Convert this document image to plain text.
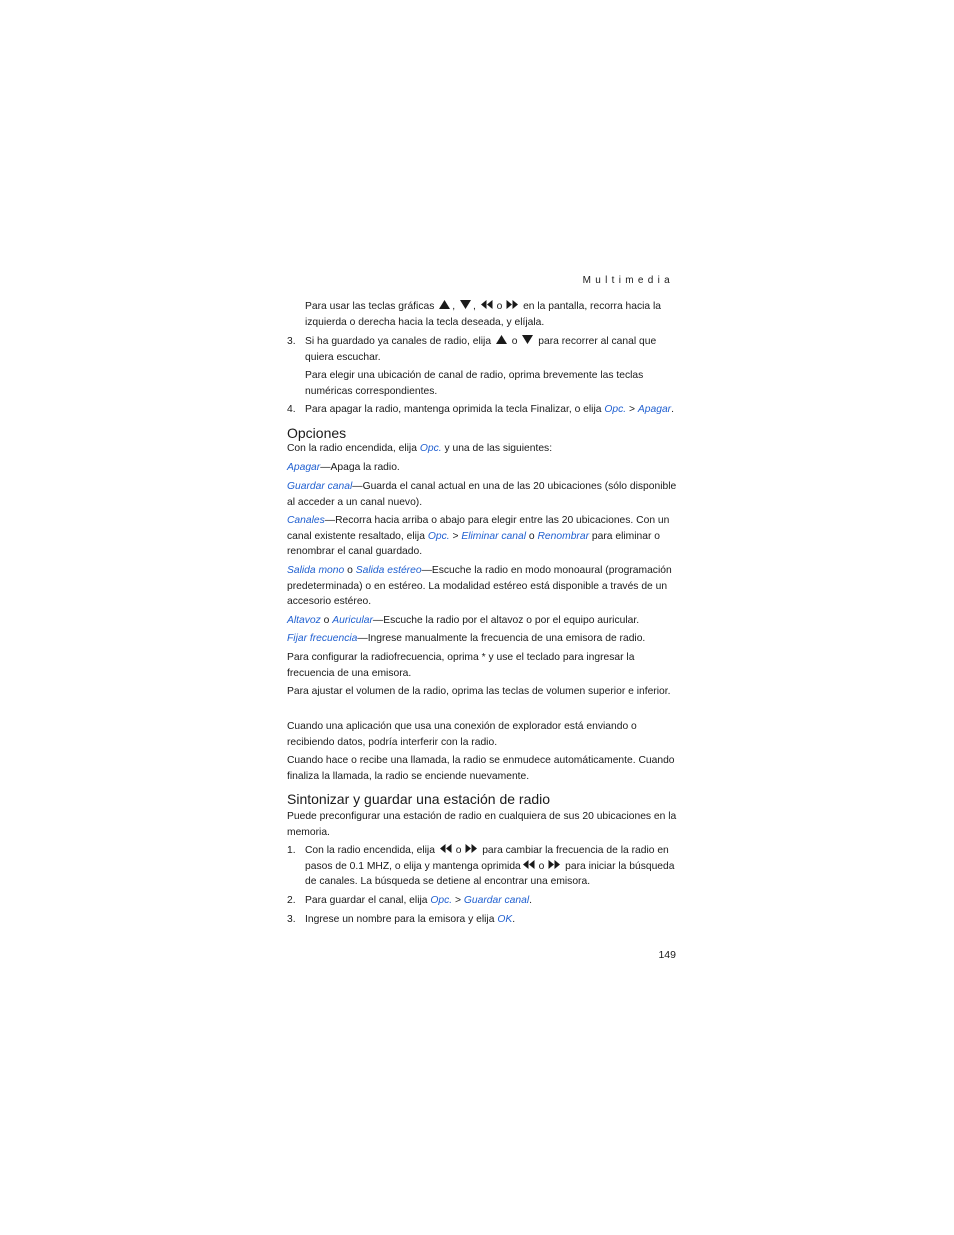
Multimedia

Para usar las teclas gráficas , , o en la pantalla, recorra hacia la izquierda o derecha hacia la tecla deseada, y elíjala.

3. Si ha guardado ya canales de radio, elija o para recorrer al canal que quiera escuchar.

Para elegir una ubicación de canal de radio, oprima brevemente las teclas numéricas correspondientes.

4. Para apagar la radio, mantenga oprimida la tecla Finalizar, o elija Opc. > Apagar.

Opciones

Con la radio encendida, elija Opc. y una de las siguientes:

Apagar—Apaga la radio.

Guardar canal—Guarda el canal actual en una de las 20 ubicaciones (sólo disponible al acceder a un canal nuevo).

Canales—Recorra hacia arriba o abajo para elegir entre las 20 ubicaciones. Con un canal existente resaltado, elija Opc. > Eliminar canal o Renombrar para eliminar o renombrar el canal guardado.

Salida mono o Salida estéreo—Escuche la radio en modo monoaural (programación predeterminada) o en estéreo. La modalidad estéreo está disponible a través de un accesorio estéreo.

Altavoz o Auricular—Escuche la radio por el altavoz o por el equipo auricular.

Fijar frecuencia—Ingrese manualmente la frecuencia de una emisora de radio.

Para configurar la radiofrecuencia, oprima * y use el teclado para ingresar la frecuencia de una emisora.

Para ajustar el volumen de la radio, oprima las teclas de volumen superior e inferior.

Cuando una aplicación que usa una conexión de explorador está enviando o recibiendo datos, podría interferir con la radio.

Cuando hace o recibe una llamada, la radio se enmudece automáticamente. Cuando finaliza la llamada, la radio se enciende nuevamente.

Sintonizar y guardar una estación de radio

Puede preconfigurar una estación de radio en cualquiera de sus 20 ubicaciones en la memoria.

1. Con la radio encendida, elija o para cambiar la frecuencia de la radio en pasos de 0.1 MHZ, o elija y mantenga oprimida o para iniciar la búsqueda de canales. La búsqueda se detiene al encontrar una emisora.

2. Para guardar el canal, elija Opc. > Guardar canal.

3. Ingrese un nombre para la emisora y elija OK.

149
